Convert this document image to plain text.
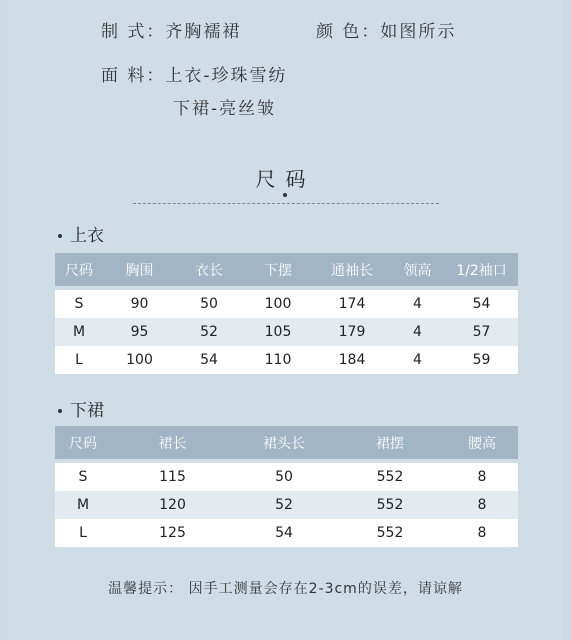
制 式：齐胸襦裙	颜 色：如图所示
面 料：上衣-珍珠雪纺
下裙-亮丝皱
尺码
上衣
尺码	胸围	衣长	下摆	通袖长	领高	1/2袖口

S	90	50	100	174	4	54
M	95	52	105	179	4	57
L	100	54	110	184	4	59
下裙
尺码	裙长	裙头长	裙摆	腰高

S	115	50	552	8
M	120	52	552	8
L	125	54	552	8
温馨提示： 因手工测量会存在2-3cm的误差，请谅解
